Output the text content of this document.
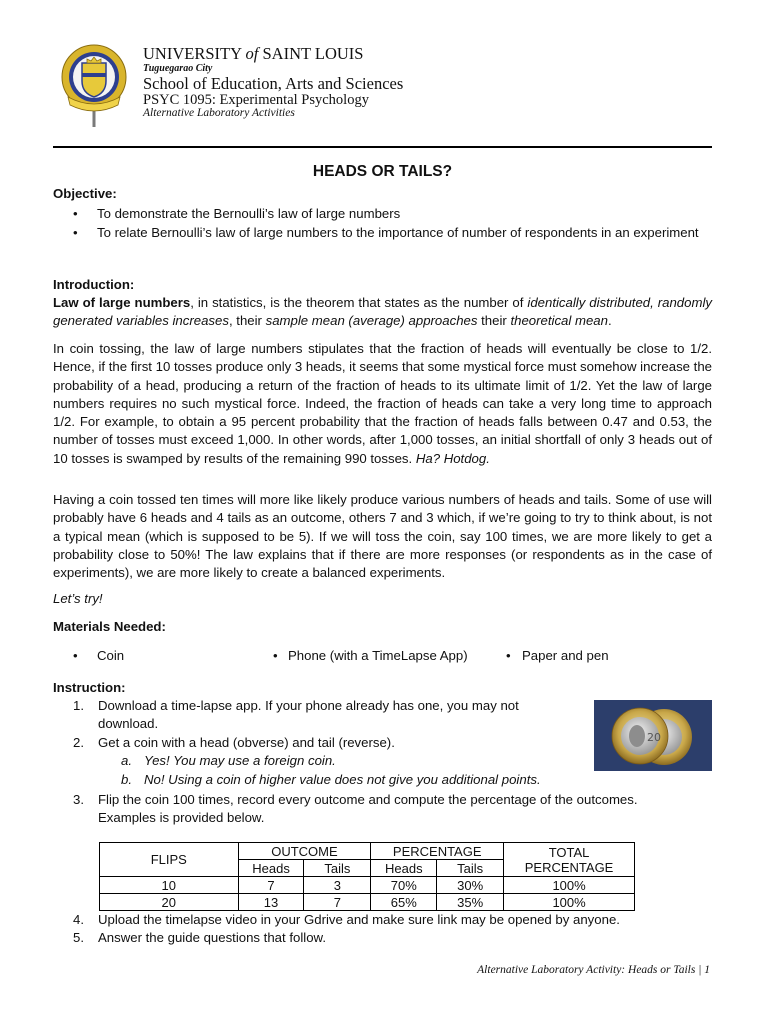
UNIVERSITY of SAINT LOUIS
Tuguegarao City
School of Education, Arts and Sciences
PSYC 1095: Experimental Psychology
Alternative Laboratory Activities
HEADS OR TAILS?
Objective:
• To demonstrate the Bernoulli’s law of large numbers
• To relate Bernoulli’s law of large numbers to the importance of number of respondents in an experiment
Introduction:

Law of large numbers, in statistics, is the theorem that states as the number of identically distributed, randomly generated variables increases, their sample mean (average) approaches their theoretical mean.

In coin tossing, the law of large numbers stipulates that the fraction of heads will eventually be close to 1/2. Hence, if the first 10 tosses produce only 3 heads, it seems that some mystical force must somehow increase the probability of a head, producing a return of the fraction of heads to its ultimate limit of 1/2. Yet the law of large numbers requires no such mystical force. Indeed, the fraction of heads can take a very long time to approach 1/2. For example, to obtain a 95 percent probability that the fraction of heads falls between 0.47 and 0.53, the number of tosses must exceed 1,000. In other words, after 1,000 tosses, an initial shortfall of only 3 heads out of 10 tosses is swamped by results of the remaining 990 tosses. Ha? Hotdog.

Having a coin tossed ten times will more like likely produce various numbers of heads and tails. Some of use will probably have 6 heads and 4 tails as an outcome, others 7 and 3 which, if we’re going to try to think about, is not a typical mean (which is supposed to be 5). If we will toss the coin, say 100 times, we are more likely to get a probability close to 50%! The law explains that if there are more responses (or respondents as in the case of experiments), we are more likely to create a balanced experiments.

Let’s try!
Materials Needed:
• Coin	• Phone (with a TimeLapse App)	• Paper and pen
Instruction:
1.	Download a time-lapse app. If your phone already has one, you may not download.
2.	Get a coin with a head (obverse) and tail (reverse).
a. Yes! You may use a foreign coin.
b. No! Using a coin of higher value does not give you additional points.
3.	Flip the coin 100 times, record every outcome and compute the percentage of the outcomes. Examples is provided below.
20
FLIPS	OUTCOME		PERCENTAGE		TOTAL
PERCENTAGE
	Heads	Tails	Heads	Tails	
10	7	3	70%	30%	100%
20	13	7	65%	35%	100%
4.	Upload the timelapse video in your Gdrive and make sure link may be opened by anyone.
5.	Answer the guide questions that follow.
Alternative Laboratory Activity: Heads or Tails | 1
